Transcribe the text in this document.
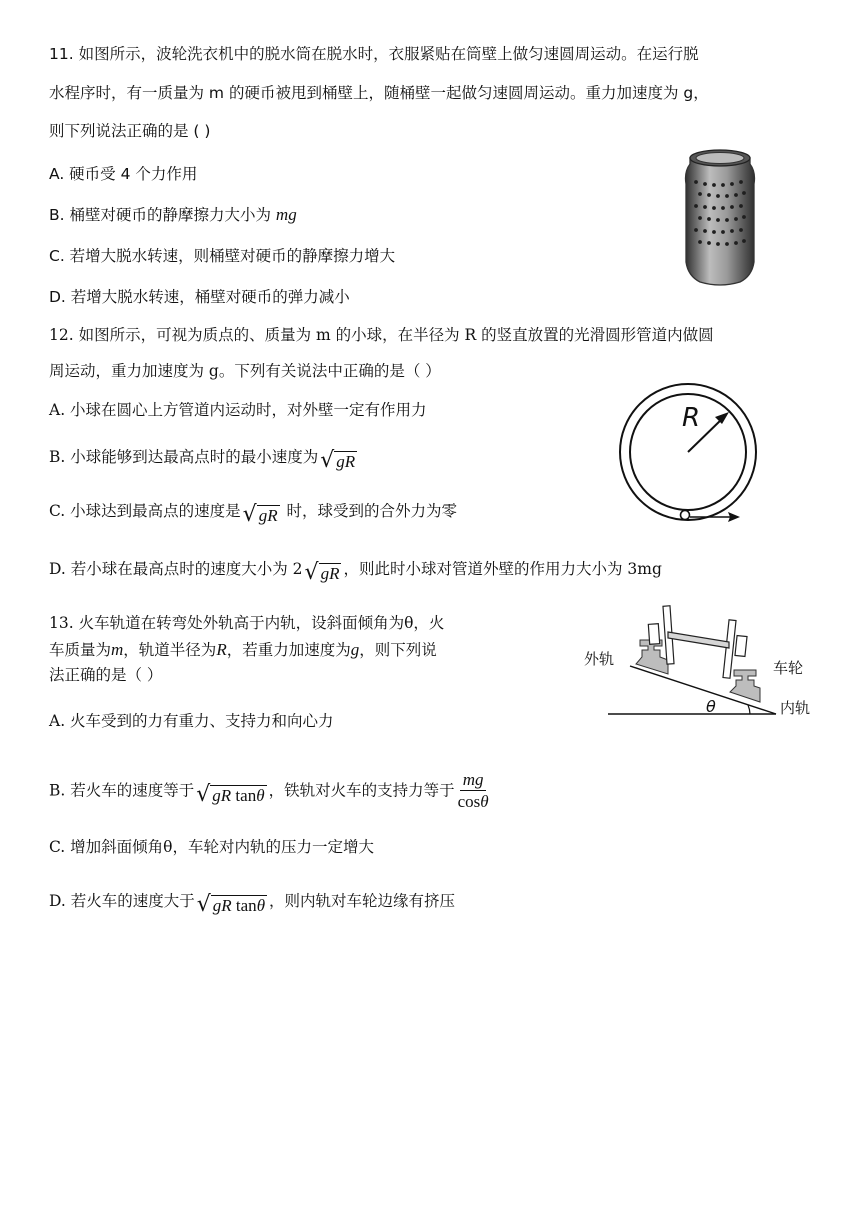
11. 如图所示，波轮洗衣机中的脱水筒在脱水时，衣服紧贴在筒壁上做匀速圆周运动。在运行脱
水程序时，有一质量为 m 的硬币被甩到桶壁上，随桶壁一起做匀速圆周运动。重力加速度为 g，
则下列说法正确的是 ( )
A. 硬币受 4 个力作用
B. 桶壁对硬币的静摩擦力大小为 mg
C. 若增大脱水转速，则桶壁对硬币的静摩擦力增大
D. 若增大脱水转速，桶壁对硬币的弹力减小
12. 如图所示，可视为质点的、质量为 m 的小球，在半径为 R 的竖直放置的光滑圆形管道内做圆
周运动，重力加速度为 g。下列有关说法中正确的是（ ）
A. 小球在圆心上方管道内运动时，对外壁一定有作用力
B. 小球能够到达最高点时的最小速度为 √ gR
C. 小球达到最高点的速度是 √ gR 时，球受到的合外力为零
D. 若小球在最高点时的速度大小为 2 √ gR ，则此时小球对管道外壁的作用力大小为 3mg
R
13. 火车轨道在转弯处外轨高于内轨，设斜面倾角为θ，火
车质量为m，轨道半径为R，若重力加速度为g，则下列说
法正确的是（ ）
A. 火车受到的力有重力、支持力和向心力
B. 若火车的速度等于 √ gR tanθ ，铁轨对火车的支持力等于 $\frac{mg}{\cos\theta}$
C. 增加斜面倾角θ，车轮对内轨的压力一定增大
D. 若火车的速度大于 √ gR tanθ ，则内轨对车轮边缘有挤压
外轨	车轮
内轨
θ
